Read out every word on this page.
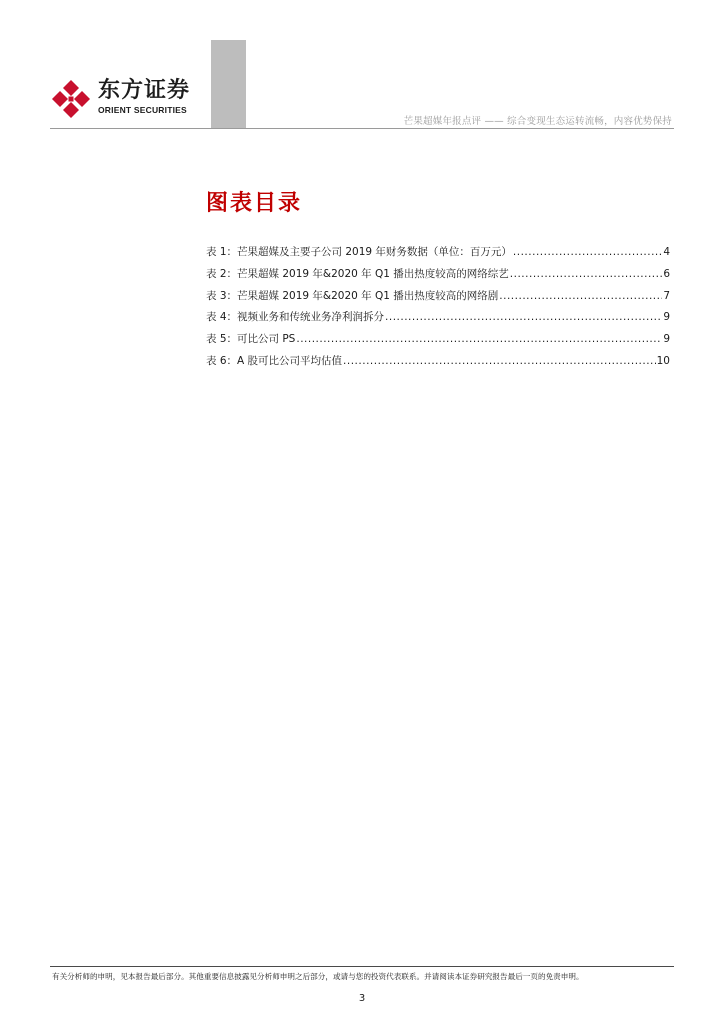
东方证券
ORIENT SECURITIES
芒果超媒年报点评 —— 综合变现生态运转流畅，内容优势保持
图表目录
表 1：芒果超媒及主要子公司 2019 年财务数据（单位：百万元） .....	4
表 2：芒果超媒 2019 年&2020 年 Q1 播出热度较高的网络综艺 .....	6
表 3：芒果超媒 2019 年&2020 年 Q1 播出热度较高的网络剧 .....	7
表 4：视频业务和传统业务净利润拆分 .....	9
表 5：可比公司 PS .....	9
表 6：A 股可比公司平均估值 .....	10
有关分析师的申明，见本报告最后部分。其他重要信息披露见分析师申明之后部分，或请与您的投资代表联系。并请阅读本证券研究报告最后一页的免责申明。
3
